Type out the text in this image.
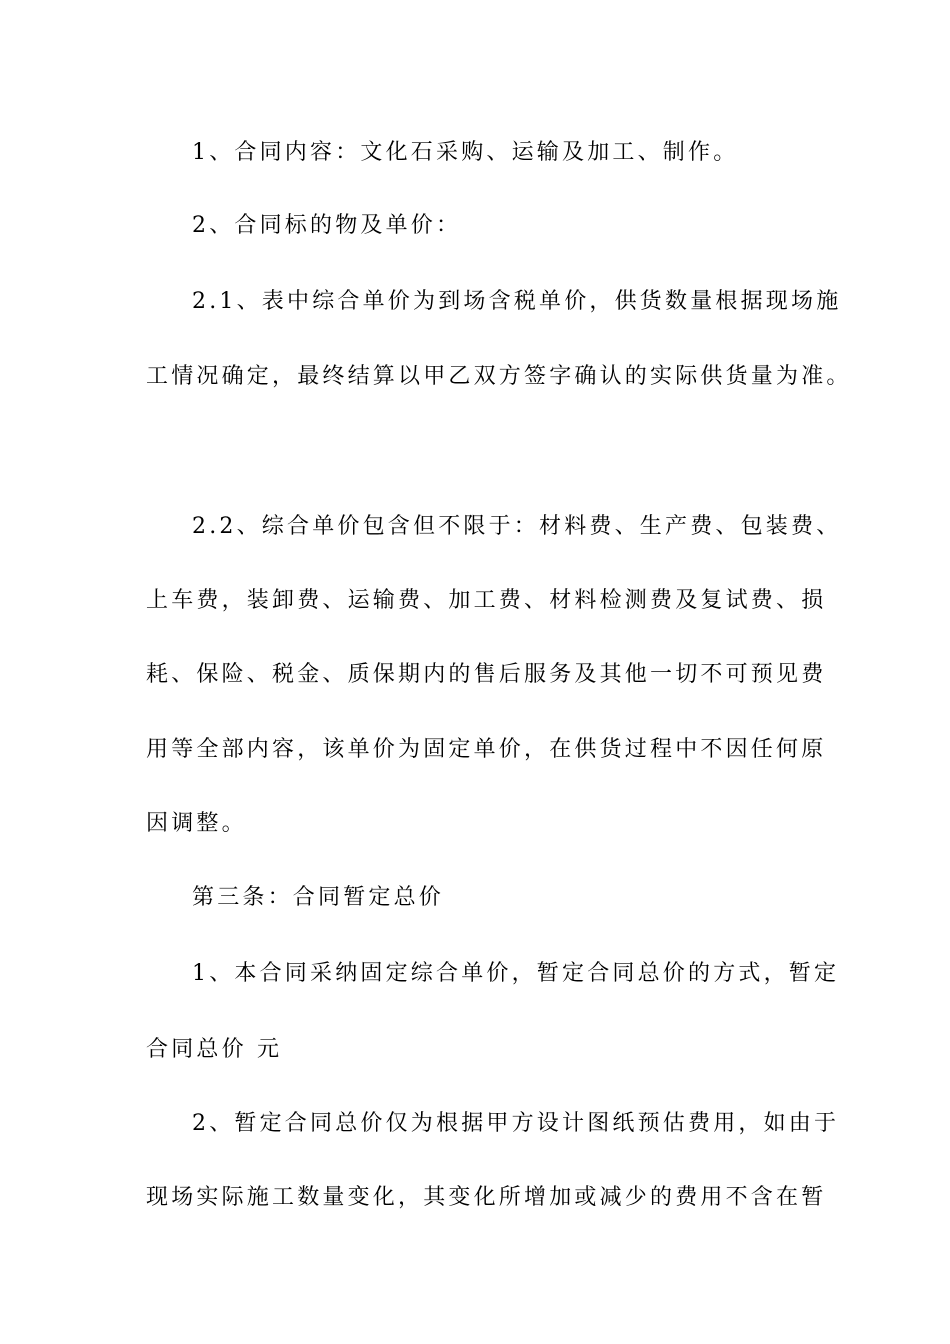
1、合同内容：文化石采购、运输及加工、制作。

2、合同标的物及单价：

2.1、表中综合单价为到场含税单价，供货数量根据现场施

工情况确定，最终结算以甲乙双方签字确认的实际供货量为准。

2.2、综合单价包含但不限于：材料费、生产费、包装费、

上车费，装卸费、运输费、加工费、材料检测费及复试费、损

耗、保险、税金、质保期内的售后服务及其他一切不可预见费

用等全部内容，该单价为固定单价，在供货过程中不因任何原

因调整。

第三条：合同暂定总价

1、本合同采纳固定综合单价，暂定合同总价的方式，暂定

合同总价 元

2、暂定合同总价仅为根据甲方设计图纸预估费用，如由于

现场实际施工数量变化，其变化所增加或减少的费用不含在暂
